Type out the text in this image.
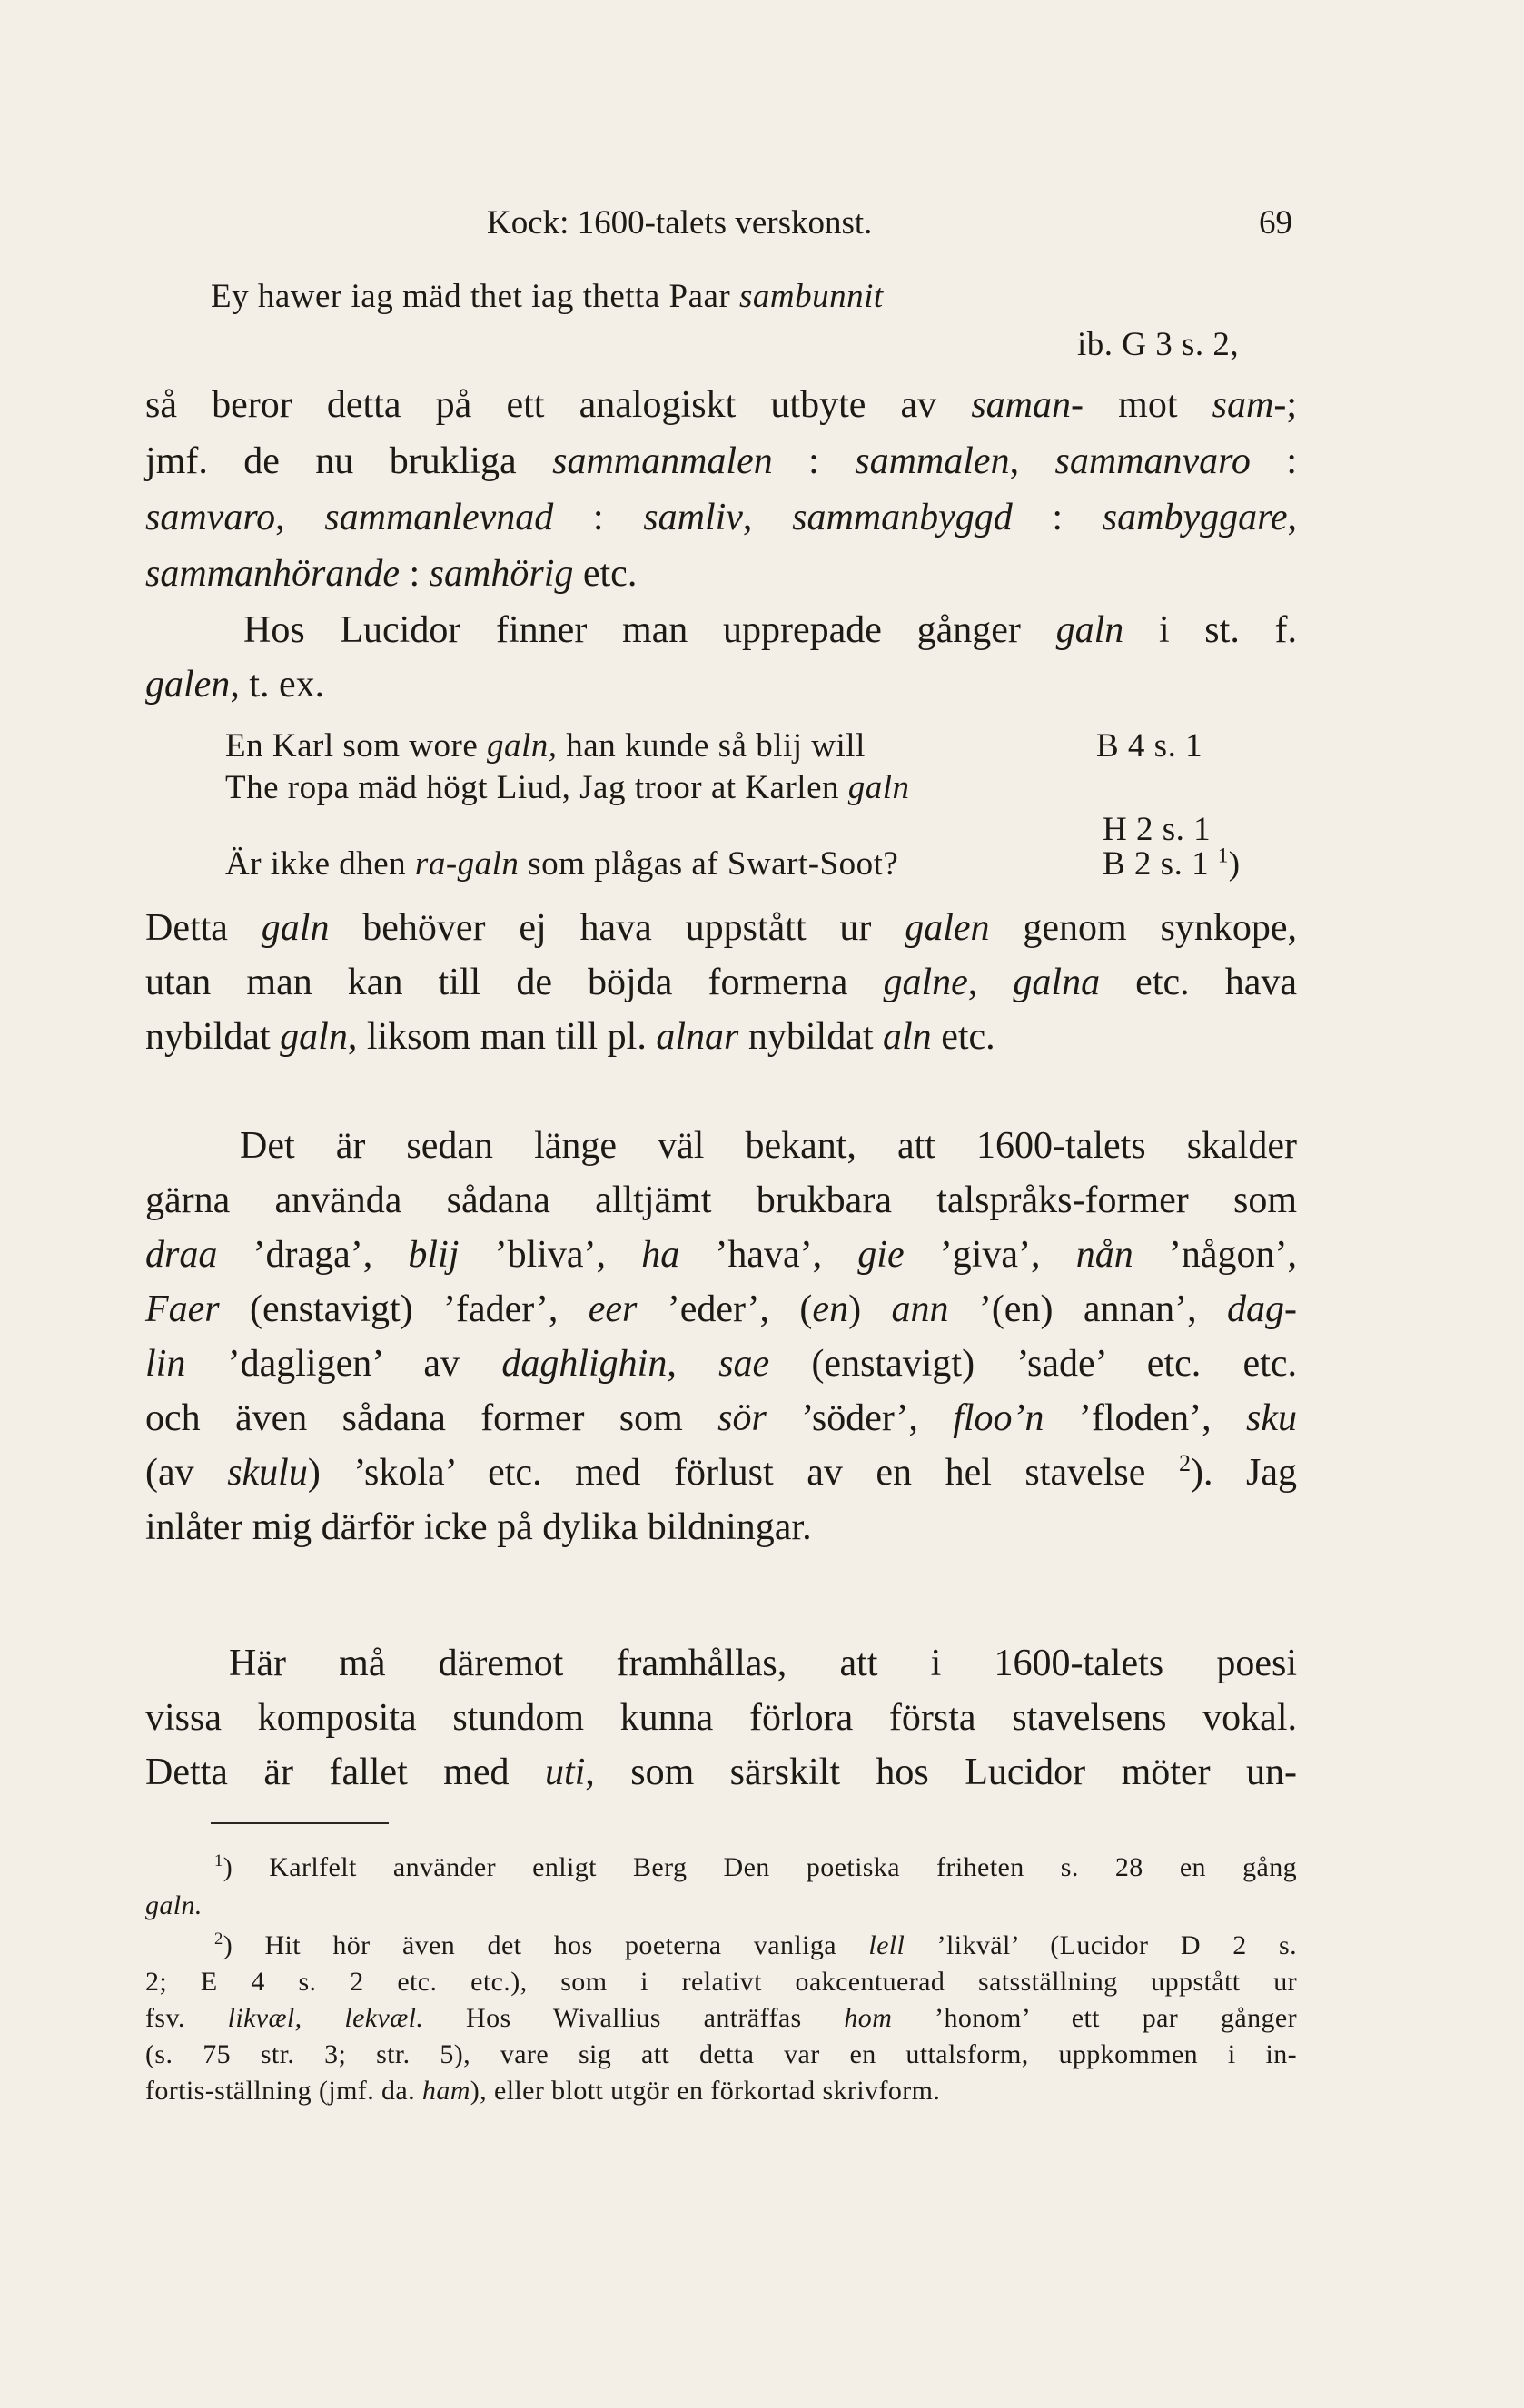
Kock: 1600-talets verskonst.	69
Ey hawer iag mäd thet iag thetta Paar sambunnit
ib. G 3 s. 2,
så beror detta på ett analogiskt utbyte av saman- mot sam-;
jmf. de nu brukliga sammanmalen : sammalen, sammanvaro :
samvaro, sammanlevnad : samliv, sammanbyggd : sambyggare,
sammanhörande : samhörig etc.
Hos Lucidor finner man upprepade gånger galn i st. f.
galen, t. ex.
En Karl som wore galn, han kunde så blij will	B 4 s. 1
The ropa mäd högt Liud, Jag troor at Karlen galn
H 2 s. 1
Är ikke dhen ra-galn som plågas af Swart-Soot?	B 2 s. 1 $^1$)
Detta galn behöver ej hava uppstått ur galen genom synkope,
utan man kan till de böjda formerna galne, galna etc. hava
nybildat galn, liksom man till pl. alnar nybildat aln etc.
Det är sedan länge väl bekant, att 1600-talets skalder
gärna använda sådana alltjämt brukbara talspråks-former som
draa ’draga’, blij ’bliva’, ha ’hava’, gie ’giva’, nån ’någon’,
Faer (enstavigt) ’fader’, eer ’eder’, (en) ann ’(en) annan’, dag-
lin ’dagligen’ av daghlighin, sae (enstavigt) ’sade’ etc. etc.
och även sådana former som sör ’söder’, floo’n ’floden’, sku
(av skulu) ’skola’ etc. med förlust av en hel stavelse $^2$). Jag
inlåter mig därför icke på dylika bildningar.
Här må däremot framhållas, att i 1600-talets poesi
vissa komposita stundom kunna förlora första stavelsens vokal.
Detta är fallet med uti, som särskilt hos Lucidor möter un-
$^1$) Karlfelt använder enligt Berg Den poetiska friheten s. 28 en gång
galn.
$^2$) Hit hör även det hos poeterna vanliga lell ’likväl’ (Lucidor D 2 s.
2; E 4 s. 2 etc. etc.), som i relativt oakcentuerad satsställning uppstått ur
fsv. likvæl, lekvæl. Hos Wivallius anträffas hom ’honom’ ett par gånger
(s. 75 str. 3; str. 5), vare sig att detta var en uttalsform, uppkommen i in-
fortis-ställning (jmf. da. ham), eller blott utgör en förkortad skrivform.
